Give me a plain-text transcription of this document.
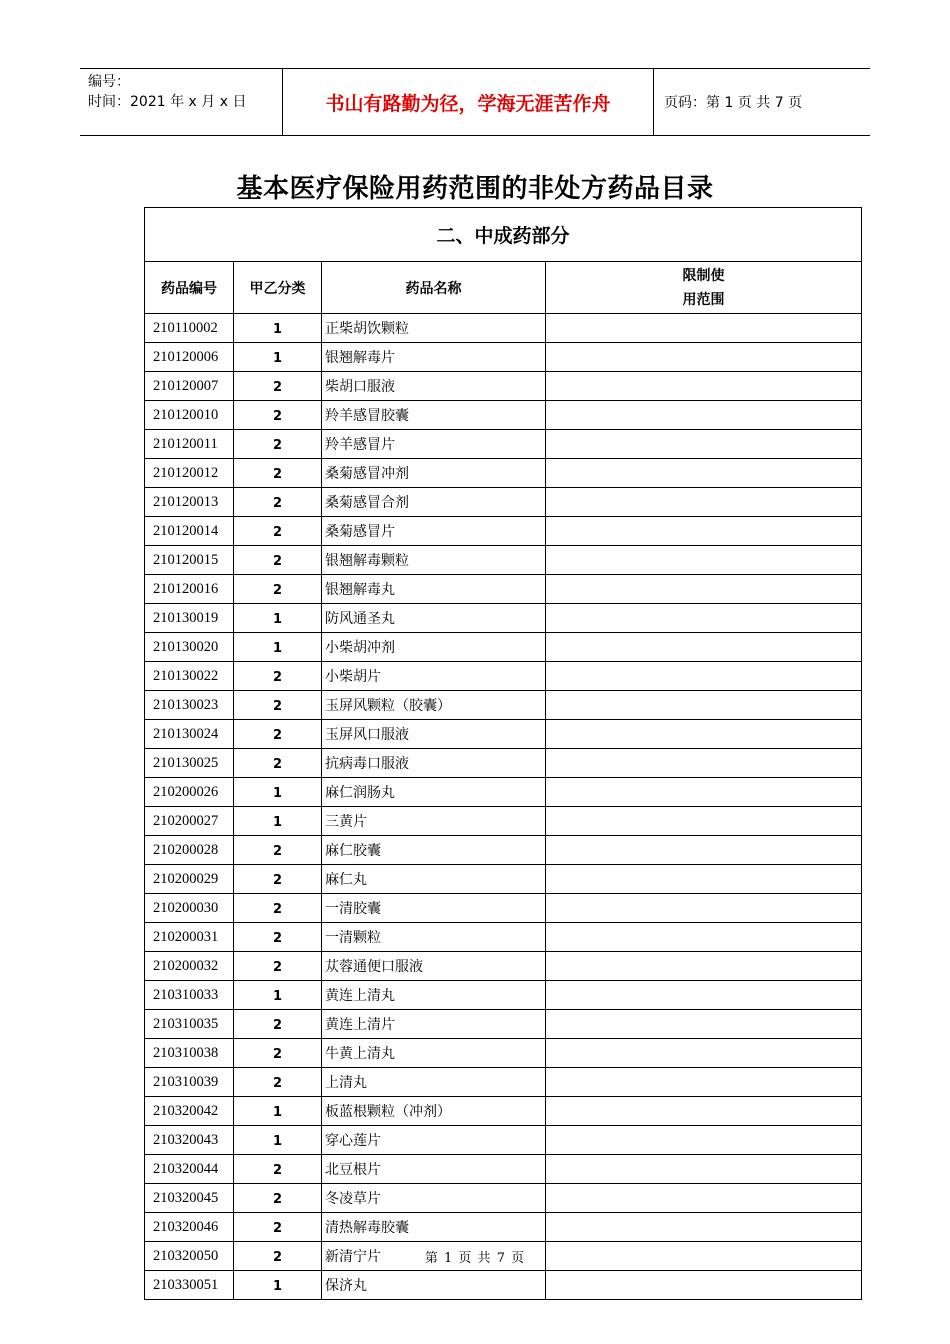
编号：
时间：2021 年 x 月 x 日	书山有路勤为径，学海无涯苦作舟	页码：第 1 页 共 7 页
基本医疗保险用药范围的非处方药品目录
二、中成药部分			
药品编号	甲乙分类	药品名称	限制使
用范围

210110002	1	正柴胡饮颗粒	
210120006	1	银翘解毒片	
210120007	2	柴胡口服液	
210120010	2	羚羊感冒胶囊	
210120011	2	羚羊感冒片	
210120012	2	桑菊感冒冲剂	
210120013	2	桑菊感冒合剂	
210120014	2	桑菊感冒片	
210120015	2	银翘解毒颗粒	
210120016	2	银翘解毒丸	
210130019	1	防风通圣丸	
210130020	1	小柴胡冲剂	
210130022	2	小柴胡片	
210130023	2	玉屏风颗粒（胶囊）	
210130024	2	玉屏风口服液	
210130025	2	抗病毒口服液	
210200026	1	麻仁润肠丸	
210200027	1	三黄片	
210200028	2	麻仁胶囊	
210200029	2	麻仁丸	
210200030	2	一清胶囊	
210200031	2	一清颗粒	
210200032	2	苁蓉通便口服液	
210310033	1	黄连上清丸	
210310035	2	黄连上清片	
210310038	2	牛黄上清丸	
210310039	2	上清丸	
210320042	1	板蓝根颗粒（冲剂）	
210320043	1	穿心莲片	
210320044	2	北豆根片	
210320045	2	冬凌草片	
210320046	2	清热解毒胶囊	
210320050	2	新清宁片	
210330051	1	保济丸	
第 1 页 共 7 页
